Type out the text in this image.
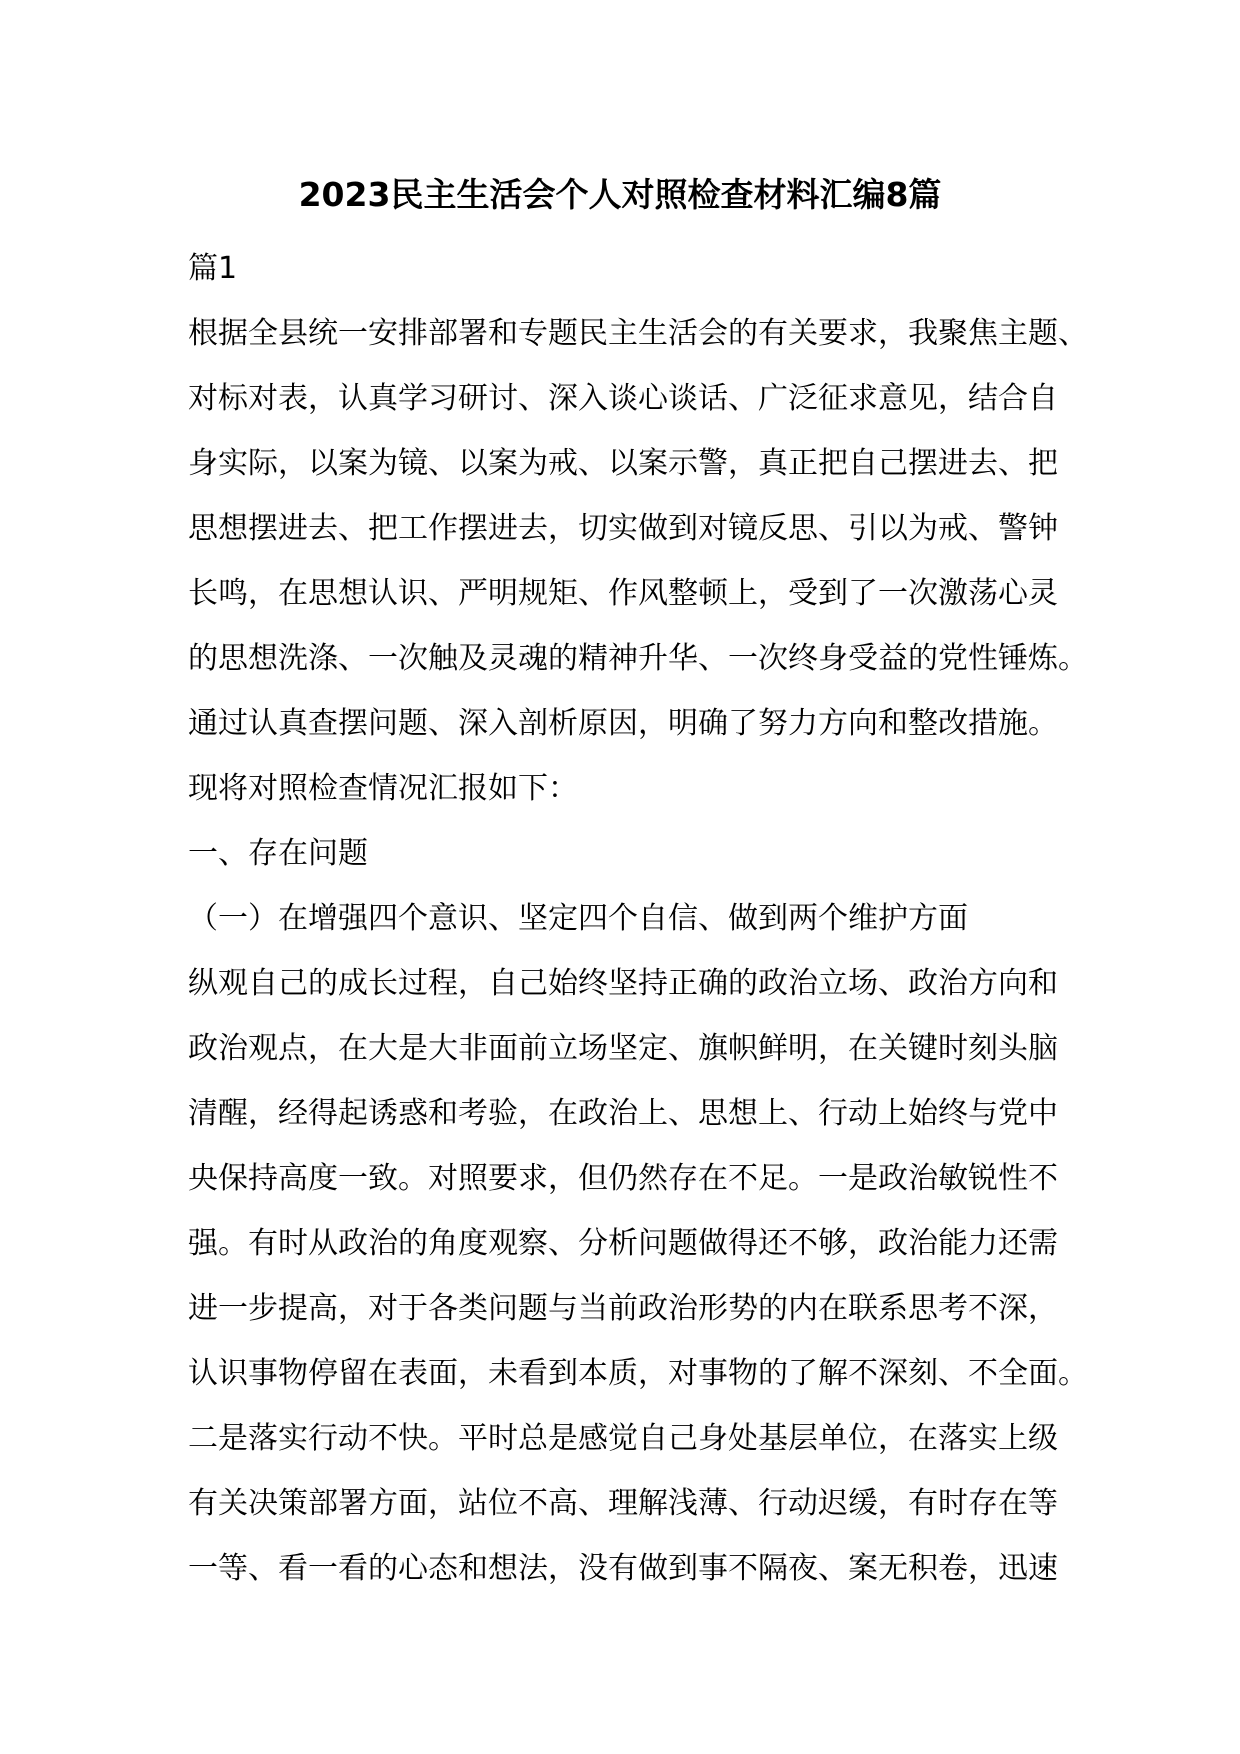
2023民主生活会个人对照检查材料汇编8篇
篇1
根据全县统一安排部署和专题民主生活会的有关要求，我聚焦主题、
对标对表，认真学习研讨、深入谈心谈话、广泛征求意见，结合自
身实际，以案为镜、以案为戒、以案示警，真正把自己摆进去、把
思想摆进去、把工作摆进去，切实做到对镜反思、引以为戒、警钟
长鸣，在思想认识、严明规矩、作风整顿上，受到了一次激荡心灵
的思想洗涤、一次触及灵魂的精神升华、一次终身受益的党性锤炼。
通过认真查摆问题、深入剖析原因，明确了努力方向和整改措施。
现将对照检查情况汇报如下：
一、存在问题
（一）在增强四个意识、坚定四个自信、做到两个维护方面
纵观自己的成长过程，自己始终坚持正确的政治立场、政治方向和
政治观点，在大是大非面前立场坚定、旗帜鲜明，在关键时刻头脑
清醒，经得起诱惑和考验，在政治上、思想上、行动上始终与党中
央保持高度一致。对照要求，但仍然存在不足。一是政治敏锐性不
强。有时从政治的角度观察、分析问题做得还不够，政治能力还需
进一步提高，对于各类问题与当前政治形势的内在联系思考不深，
认识事物停留在表面，未看到本质，对事物的了解不深刻、不全面。
二是落实行动不快。平时总是感觉自己身处基层单位，在落实上级
有关决策部署方面，站位不高、理解浅薄、行动迟缓，有时存在等
一等、看一看的心态和想法，没有做到事不隔夜、案无积卷，迅速
